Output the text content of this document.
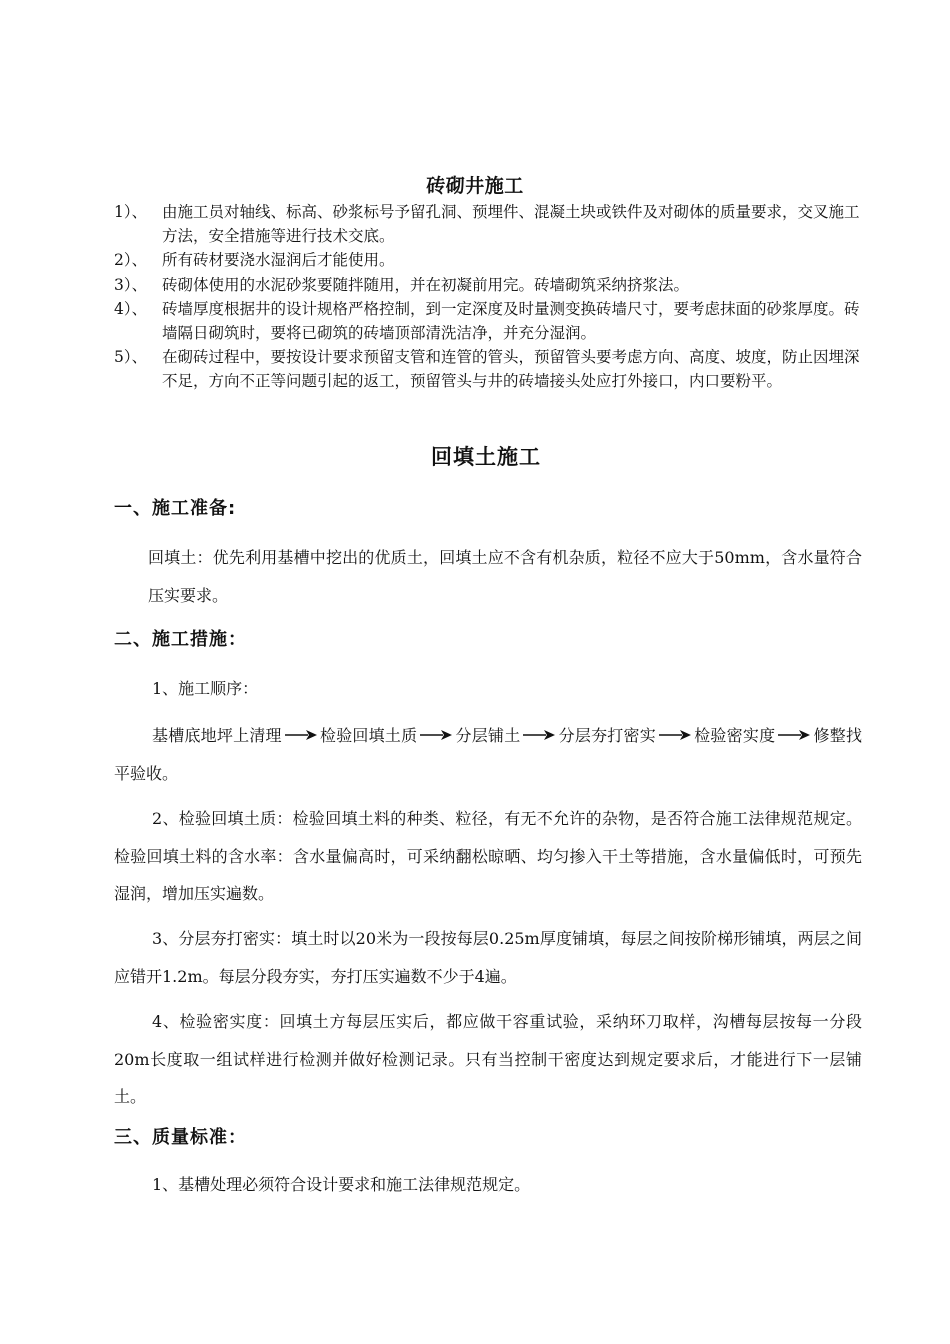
砖砌井施工
1）、 由施工员对轴线、标高、砂浆标号予留孔洞、预埋件、混凝土块或铁件及对砌体的质量要求，交叉施工方法，安全措施等进行技术交底。
2）、 所有砖材要浇水湿润后才能使用。
3）、 砖砌体使用的水泥砂浆要随拌随用，并在初凝前用完。砖墙砌筑采纳挤浆法。
4）、 砖墙厚度根据井的设计规格严格控制，到一定深度及时量测变换砖墙尺寸，要考虑抹面的砂浆厚度。砖墙隔日砌筑时，要将已砌筑的砖墙顶部清洗洁净，并充分湿润。
5）、 在砌砖过程中，要按设计要求预留支管和连管的管头，预留管头要考虑方向、高度、坡度，防止因埋深不足，方向不正等问题引起的返工，预留管头与井的砖墙接头处应打外接口，内口要粉平。
回填土施工
一、施工准备:
回填土：优先利用基槽中挖出的优质土，回填土应不含有机杂质，粒径不应大于50mm，含水量符合压实要求。
二、施工措施：
1、施工顺序：
基槽底地坪上清理 检验回填土质 分层铺土 分层夯打密实 检验密实度 修整找平验收。
2、检验回填土质：检验回填土料的种类、粒径，有无不允许的杂物，是否符合施工法律规范规定。检验回填土料的含水率：含水量偏高时，可采纳翻松晾晒、均匀掺入干土等措施，含水量偏低时，可预先湿润，增加压实遍数。
3、分层夯打密实：填土时以20米为一段按每层0.25m厚度铺填，每层之间按阶梯形铺填，两层之间应错开1.2m。每层分段夯实，夯打压实遍数不少于4遍。
4、检验密实度：回填土方每层压实后，都应做干容重试验，采纳环刀取样，沟槽每层按每一分段20m长度取一组试样进行检测并做好检测记录。只有当控制干密度达到规定要求后，才能进行下一层铺土。
三、质量标准：
1、基槽处理必须符合设计要求和施工法律规范规定。
